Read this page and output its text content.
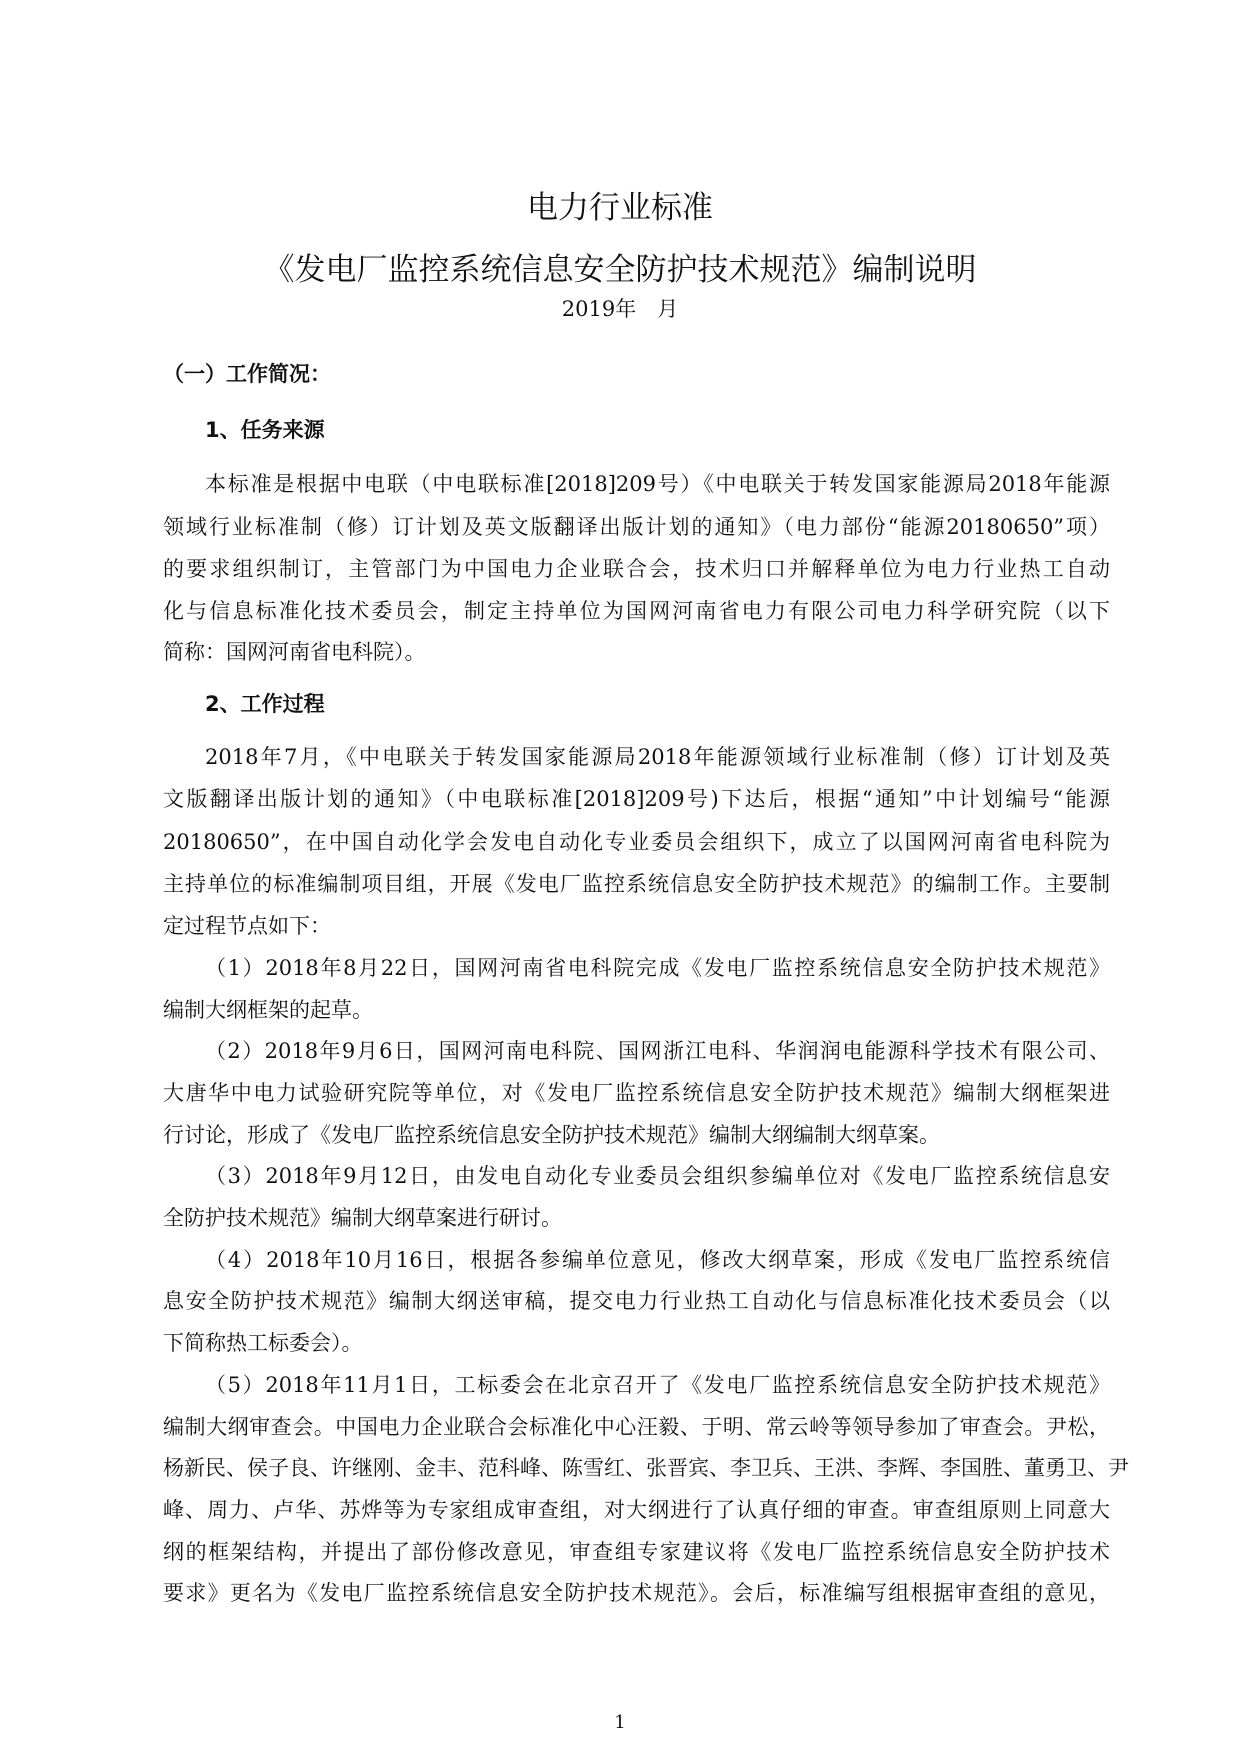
电力行业标准
《发电厂监控系统信息安全防护技术规范》编制说明
2019年　月
（一）工作简况：
1、任务来源
本标准是根据中电联（中电联标准[2018]209号）《中电联关于转发国家能源局2018年能源
领域行业标准制（修）订计划及英文版翻译出版计划的通知》（电力部份“能源20180650”项）
的要求组织制订，主管部门为中国电力企业联合会，技术归口并解释单位为电力行业热工自动
化与信息标准化技术委员会，制定主持单位为国网河南省电力有限公司电力科学研究院（以下
简称：国网河南省电科院）。
2、工作过程
2018年7月，《中电联关于转发国家能源局2018年能源领域行业标准制（修）订计划及英
文版翻译出版计划的通知》（中电联标准[2018]209号)下达后，根据“通知”中计划编号“能源
20180650”，在中国自动化学会发电自动化专业委员会组织下，成立了以国网河南省电科院为
主持单位的标准编制项目组，开展《发电厂监控系统信息安全防护技术规范》的编制工作。主要制
定过程节点如下：
（1）2018年8月22日，国网河南省电科院完成《发电厂监控系统信息安全防护技术规范》
编制大纲框架的起草。
（2）2018年9月6日，国网河南电科院、国网浙江电科、华润润电能源科学技术有限公司、
大唐华中电力试验研究院等单位，对《发电厂监控系统信息安全防护技术规范》编制大纲框架进
行讨论，形成了《发电厂监控系统信息安全防护技术规范》编制大纲编制大纲草案。
（3）2018年9月12日，由发电自动化专业委员会组织参编单位对《发电厂监控系统信息安
全防护技术规范》编制大纲草案进行研讨。
（4）2018年10月16日，根据各参编单位意见，修改大纲草案，形成《发电厂监控系统信
息安全防护技术规范》编制大纲送审稿，提交电力行业热工自动化与信息标准化技术委员会（以
下简称热工标委会）。
（5）2018年11月1日，工标委会在北京召开了《发电厂监控系统信息安全防护技术规范》
编制大纲审查会。中国电力企业联合会标准化中心汪毅、于明、常云岭等领导参加了审查会。尹松，
杨新民、侯子良、许继刚、金丰、范科峰、陈雪红、张晋宾、李卫兵、王洪、李辉、李国胜、董勇卫、尹
峰、周力、卢华、苏烨等为专家组成审查组，对大纲进行了认真仔细的审查。审查组原则上同意大
纲的框架结构，并提出了部份修改意见，审查组专家建议将《发电厂监控系统信息安全防护技术
要求》更名为《发电厂监控系统信息安全防护技术规范》。会后，标准编写组根据审查组的意见，
1
